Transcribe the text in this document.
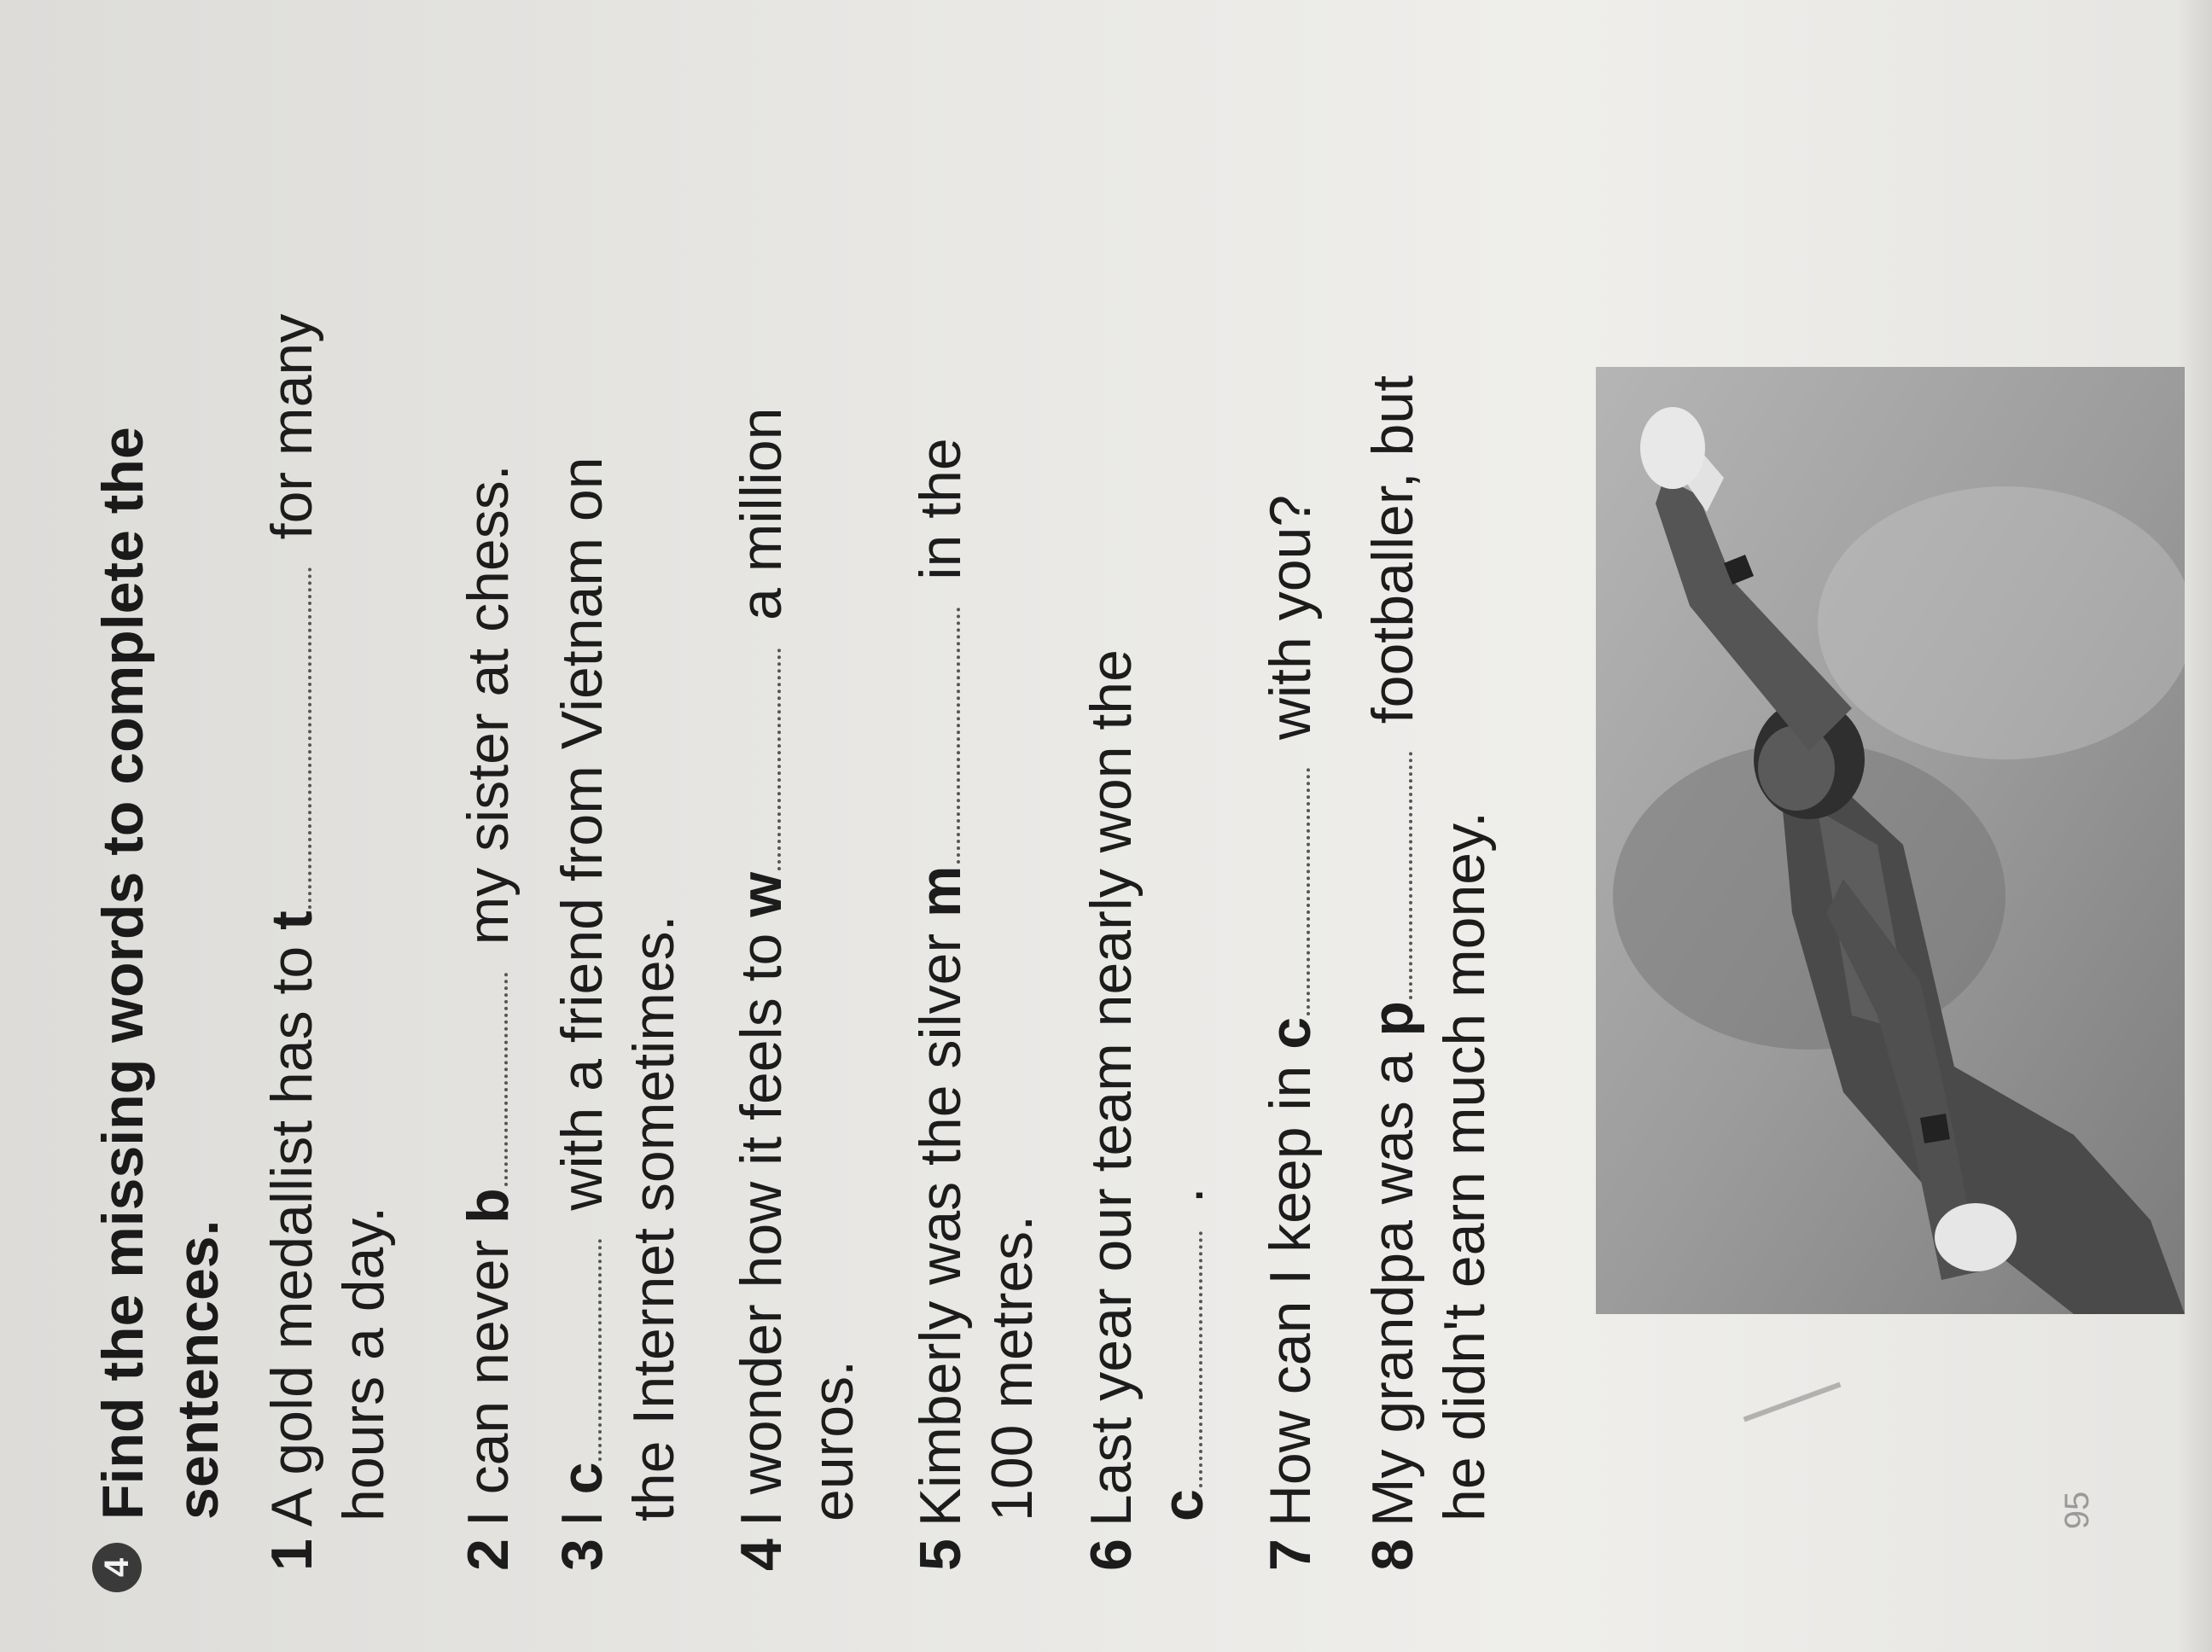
4
Find the missing words to complete the sentences.
1A gold medallist has to t for many
hours a day.
2I can never b my sister at chess.
3I c with a friend from Vietnam on the Internet sometimes.
4I wonder how it feels to w a million
euros.
5Kimberly was the silver m in the
100 metres.
6Last year our team nearly won the c .
7How can I keep in c with you?
8My grandpa was a p footballer, but
he didn't earn much money.	95
